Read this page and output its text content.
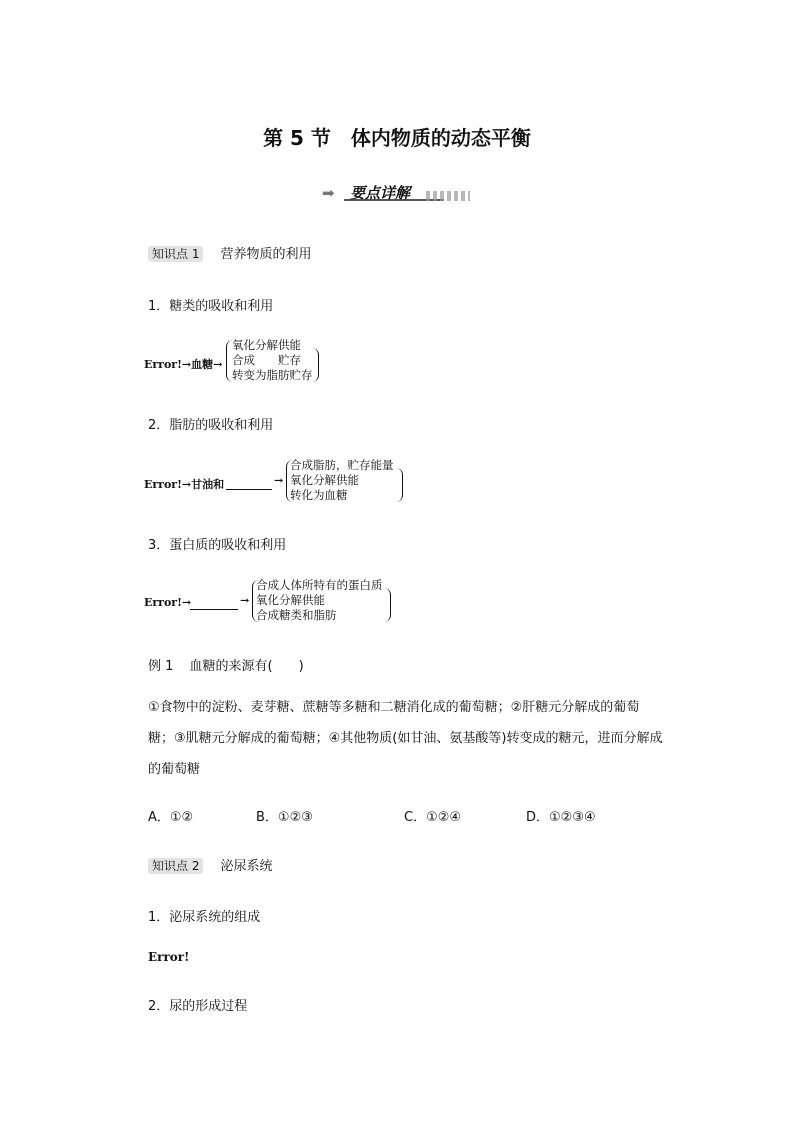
第 5 节　体内物质的动态平衡
➡ 要点详解
知识点 1 营养物质的利用
1．糖类的吸收和利用
Error!→血糖→
氧化分解供能
合成　　贮存
转变为脂肪贮存
2．脂肪的吸收和利用
Error!→甘油和	→
合成脂肪，贮存能量
氧化分解供能
转化为血糖
3．蛋白质的吸收和利用
Error!→	→
合成人体所特有的蛋白质
氧化分解供能
合成糖类和脂肪
例 1 血糖的来源有(　　)
①食物中的淀粉、麦芽糖、蔗糖等多糖和二糖消化成的葡萄糖；②肝糖元分解成的葡萄
糖；③肌糖元分解成的葡萄糖；④其他物质(如甘油、氨基酸等)转变成的糖元，进而分解成
的葡萄糖
A．①②	B．①②③	C．①②④	D．①②③④
知识点 2 泌尿系统
1．泌尿系统的组成
Error!
2．尿的形成过程
